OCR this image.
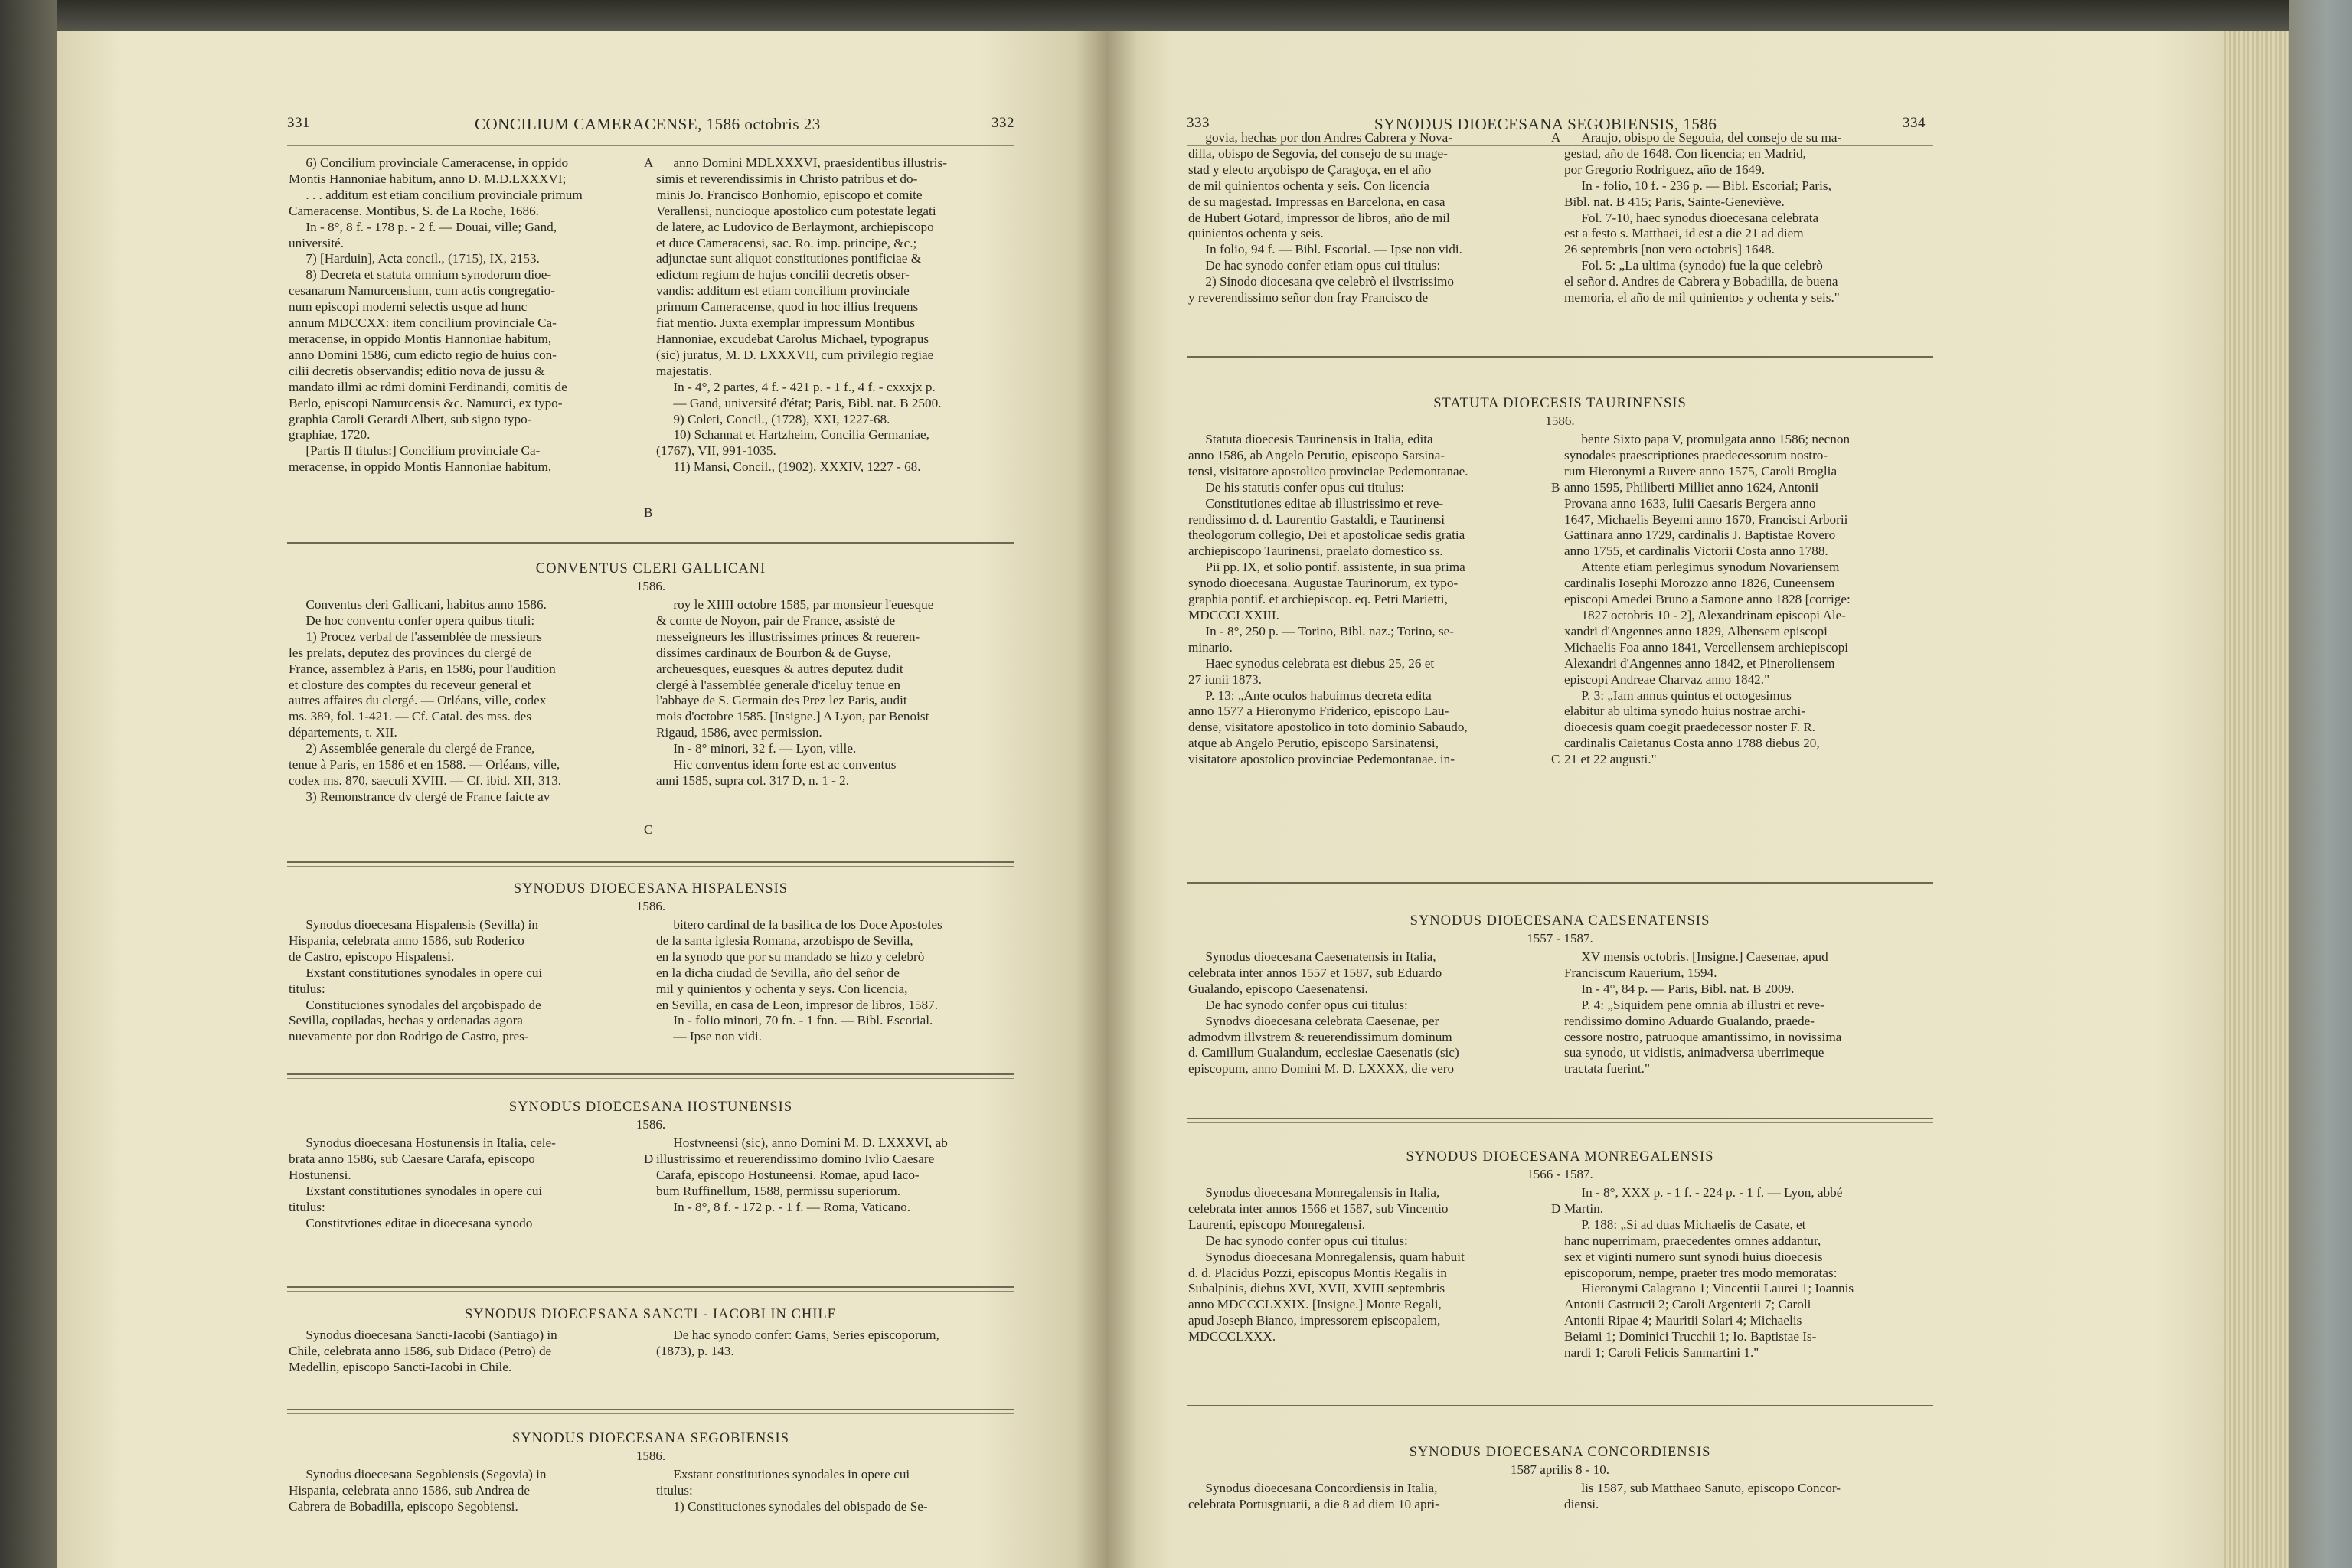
331	CONCILIUM CAMERACENSE, 1586 octobris 23	332

6) Concilium provinciale Cameracense, in oppido

Montis Hannoniae habitum, anno D. M.D.LXXXVI;

. . . additum est etiam concilium provinciale primum

Cameracense. Montibus, S. de La Roche, 1686.

In - 8°, 8 f. - 178 p. - 2 f. — Douai, ville; Gand,

université.

7) [Harduin], Acta concil., (1715), IX, 2153.

8) Decreta et statuta omnium synodorum dioe-

cesanarum Namurcensium, cum actis congregatio-

num episcopi moderni selectis usque ad hunc

annum MDCCXX: item concilium provinciale Ca-

meracense, in oppido Montis Hannoniae habitum,

anno Domini 1586, cum edicto regio de huius con-

cilii decretis observandis; editio nova de jussu &

mandato illmi ac rdmi domini Ferdinandi, comitis de

Berlo, episcopi Namurcensis &c. Namurci, ex typo-

graphia Caroli Gerardi Albert, sub signo typo-

graphiae, 1720.

[Partis II titulus:] Concilium provinciale Ca-

meracense, in oppido Montis Hannoniae habitum,

anno Domini MDLXXXVI, praesidentibus illustris-

simis et reverendissimis in Christo patribus et do-

minis Jo. Francisco Bonhomio, episcopo et comite

Verallensi, nuncioque apostolico cum potestate legati

de latere, ac Ludovico de Berlaymont, archiepiscopo

et duce Cameracensi, sac. Ro. imp. principe, &c.;

adjunctae sunt aliquot constitutiones pontificiae &

edictum regium de hujus concilii decretis obser-

vandis: additum est etiam concilium provinciale

primum Cameracense, quod in hoc illius frequens

fiat mentio. Juxta exemplar impressum Montibus

Hannoniae, excudebat Carolus Michael, typograpus

(sic) juratus, M. D. LXXXVII, cum privilegio regiae

majestatis.

In - 4°, 2 partes, 4 f. - 421 p. - 1 f., 4 f. - cxxxjx p.

— Gand, université d'état; Paris, Bibl. nat. B 2500.

9) Coleti, Concil., (1728), XXI, 1227-68.

10) Schannat et Hartzheim, Concilia Germaniae,

(1767), VII, 991-1035.

11) Mansi, Concil., (1902), XXXIV, 1227 - 68.

A
B
CONVENTUS CLERI GALLICANI
1586.

Conventus cleri Gallicani, habitus anno 1586.

De hoc conventu confer opera quibus tituli:

1) Procez verbal de l'assemblée de messieurs

les prelats, deputez des provinces du clergé de

France, assemblez à Paris, en 1586, pour l'audition

et closture des comptes du receveur general et

autres affaires du clergé. — Orléans, ville, codex

ms. 389, fol. 1-421. — Cf. Catal. des mss. des

départements, t. XII.

2) Assemblée generale du clergé de France,

tenue à Paris, en 1586 et en 1588. — Orléans, ville,

codex ms. 870, saeculi XVIII. — Cf. ibid. XII, 313.

3) Remonstrance dv clergé de France faicte av

roy le XIIII octobre 1585, par monsieur l'euesque

& comte de Noyon, pair de France, assisté de

messeigneurs les illustrissimes princes & reueren-

dissimes cardinaux de Bourbon & de Guyse,

archeuesques, euesques & autres deputez dudit

clergé à l'assemblée generale d'iceluy tenue en

l'abbaye de S. Germain des Prez lez Paris, audit

mois d'octobre 1585. [Insigne.] A Lyon, par Benoist

Rigaud, 1586, avec permission.

In - 8° minori, 32 f. — Lyon, ville.

Hic conventus idem forte est ac conventus

anni 1585, supra col. 317 D, n. 1 - 2.

C
SYNODUS DIOECESANA HISPALENSIS
1586.

Synodus dioecesana Hispalensis (Sevilla) in

Hispania, celebrata anno 1586, sub Roderico

de Castro, episcopo Hispalensi.

Exstant constitutiones synodales in opere cui

titulus:

Constituciones synodales del arçobispado de

Sevilla, copiladas, hechas y ordenadas agora

nuevamente por don Rodrigo de Castro, pres-

bitero cardinal de la basilica de los Doce Apostoles

de la santa iglesia Romana, arzobispo de Sevilla,

en la synodo que por su mandado se hizo y celebrò

en la dicha ciudad de Sevilla, año del señor de

mil y quinientos y ochenta y seys. Con licencia,

en Sevilla, en casa de Leon, impresor de libros, 1587.

In - folio minori, 70 fn. - 1 fnn. — Bibl. Escorial.

— Ipse non vidi.

SYNODUS DIOECESANA HOSTUNENSIS
1586.

Synodus dioecesana Hostunensis in Italia, cele-

brata anno 1586, sub Caesare Carafa, episcopo

Hostunensi.

Exstant constitutiones synodales in opere cui

titulus:

Constitvtiones editae in dioecesana synodo

Hostvneensi (sic), anno Domini M. D. LXXXVI, ab

illustrissimo et reuerendissimo domino Ivlio Caesare

Carafa, episcopo Hostuneensi. Romae, apud Iaco-

bum Ruffinellum, 1588, permissu superiorum.

In - 8°, 8 f. - 172 p. - 1 f. — Roma, Vaticano.

D
SYNODUS DIOECESANA SANCTI - IACOBI IN CHILE

Synodus dioecesana Sancti-Iacobi (Santiago) in

Chile, celebrata anno 1586, sub Didaco (Petro) de

Medellin, episcopo Sancti-Iacobi in Chile.

De hac synodo confer: Gams, Series episcoporum,

(1873), p. 143.

SYNODUS DIOECESANA SEGOBIENSIS
1586.

Synodus dioecesana Segobiensis (Segovia) in

Hispania, celebrata anno 1586, sub Andrea de

Cabrera de Bobadilla, episcopo Segobiensi.

Exstant constitutiones synodales in opere cui

titulus:

1) Constituciones synodales del obispado de Se-

333	SYNODUS DIOECESANA SEGOBIENSIS, 1586	334

govia, hechas por don Andres Cabrera y Nova-

dilla, obispo de Segovia, del consejo de su mage-

stad y electo arçobispo de Çaragoça, en el año

de mil quinientos ochenta y seis. Con licencia

de su magestad. Impressas en Barcelona, en casa

de Hubert Gotard, impressor de libros, año de mil

quinientos ochenta y seis.

In folio, 94 f. — Bibl. Escorial. — Ipse non vidi.

De hac synodo confer etiam opus cui titulus:

2) Sinodo diocesana qve celebrò el ilvstrissimo

y reverendissimo señor don fray Francisco de

Araujo, obispo de Segouia, del consejo de su ma-

gestad, año de 1648. Con licencia; en Madrid,

por Gregorio Rodriguez, año de 1649.

In - folio, 10 f. - 236 p. — Bibl. Escorial; Paris,

Bibl. nat. B 415; Paris, Sainte-Geneviève.

Fol. 7-10, haec synodus dioecesana celebrata

est a festo s. Matthaei, id est a die 21 ad diem

26 septembris [non vero octobris] 1648.

Fol. 5: „La ultima (synodo) fue la que celebrò

el señor d. Andres de Cabrera y Bobadilla, de buena

memoria, el año de mil quinientos y ochenta y seis."

A
STATUTA DIOECESIS TAURINENSIS
1586.

Statuta dioecesis Taurinensis in Italia, edita

anno 1586, ab Angelo Perutio, episcopo Sarsina-

tensi, visitatore apostolico provinciae Pedemontanae.

De his statutis confer opus cui titulus:

Constitutiones editae ab illustrissimo et reve-

rendissimo d. d. Laurentio Gastaldi, e Taurinensi

theologorum collegio, Dei et apostolicae sedis gratia

archiepiscopo Taurinensi, praelato domestico ss.

Pii pp. IX, et solio pontif. assistente, in sua prima

synodo dioecesana. Augustae Taurinorum, ex typo-

graphia pontif. et archiepiscop. eq. Petri Marietti,

MDCCCLXXIII.

In - 8°, 250 p. — Torino, Bibl. naz.; Torino, se-

minario.

Haec synodus celebrata est diebus 25, 26 et

27 iunii 1873.

P. 13: „Ante oculos habuimus decreta edita

anno 1577 a Hieronymo Friderico, episcopo Lau-

dense, visitatore apostolico in toto dominio Sabaudo,

atque ab Angelo Perutio, episcopo Sarsinatensi,

visitatore apostolico provinciae Pedemontanae. in-

bente Sixto papa V, promulgata anno 1586; necnon

synodales praescriptiones praedecessorum nostro-

rum Hieronymi a Ruvere anno 1575, Caroli Broglia

anno 1595, Philiberti Milliet anno 1624, Antonii

Provana anno 1633, Iulii Caesaris Bergera anno

1647, Michaelis Beyemi anno 1670, Francisci Arborii

Gattinara anno 1729, cardinalis J. Baptistae Rovero

anno 1755, et cardinalis Victorii Costa anno 1788.

Attente etiam perlegimus synodum Novariensem

cardinalis Iosephi Morozzo anno 1826, Cuneensem

episcopi Amedei Bruno a Samone anno 1828 [corrige:

1827 octobris 10 - 2], Alexandrinam episcopi Ale-

xandri d'Angennes anno 1829, Albensem episcopi

Michaelis Foa anno 1841, Vercellensem archiepiscopi

Alexandri d'Angennes anno 1842, et Pineroliensem

episcopi Andreae Charvaz anno 1842."

P. 3: „Iam annus quintus et octogesimus

elabitur ab ultima synodo huius nostrae archi-

dioecesis quam coegit praedecessor noster F. R.

cardinalis Caietanus Costa anno 1788 diebus 20,

21 et 22 augusti."

B
C
SYNODUS DIOECESANA CAESENATENSIS
1557 - 1587.

Synodus dioecesana Caesenatensis in Italia,

celebrata inter annos 1557 et 1587, sub Eduardo

Gualando, episcopo Caesenatensi.

De hac synodo confer opus cui titulus:

Synodvs dioecesana celebrata Caesenae, per

admodvm illvstrem & reuerendissimum dominum

d. Camillum Gualandum, ecclesiae Caesenatis (sic)

episcopum, anno Domini M. D. LXXXX, die vero

XV mensis octobris. [Insigne.] Caesenae, apud

Franciscum Rauerium, 1594.

In - 4°, 84 p. — Paris, Bibl. nat. B 2009.

P. 4: „Siquidem pene omnia ab illustri et reve-

rendissimo domino Aduardo Gualando, praede-

cessore nostro, patruoque amantissimo, in novissima

sua synodo, ut vidistis, animadversa uberrimeque

tractata fuerint."

SYNODUS DIOECESANA MONREGALENSIS
1566 - 1587.

Synodus dioecesana Monregalensis in Italia,

celebrata inter annos 1566 et 1587, sub Vincentio

Laurenti, episcopo Monregalensi.

De hac synodo confer opus cui titulus:

Synodus dioecesana Monregalensis, quam habuit

d. d. Placidus Pozzi, episcopus Montis Regalis in

Subalpinis, diebus XVI, XVII, XVIII septembris

anno MDCCCLXXIX. [Insigne.] Monte Regali,

apud Joseph Bianco, impressorem episcopalem,

MDCCCLXXX.

In - 8°, XXX p. - 1 f. - 224 p. - 1 f. — Lyon, abbé

Martin.

P. 188: „Si ad duas Michaelis de Casate, et

hanc nuperrimam, praecedentes omnes addantur,

sex et viginti numero sunt synodi huius dioecesis

episcoporum, nempe, praeter tres modo memoratas:

Hieronymi Calagrano 1; Vincentii Laurei 1; Ioannis

Antonii Castrucii 2; Caroli Argenterii 7; Caroli

Antonii Ripae 4; Mauritii Solari 4; Michaelis

Beiami 1; Dominici Trucchii 1; Io. Baptistae Is-

nardi 1; Caroli Felicis Sanmartini 1."

D
SYNODUS DIOECESANA CONCORDIENSIS
1587 aprilis 8 - 10.

Synodus dioecesana Concordiensis in Italia,

celebrata Portusgruarii, a die 8 ad diem 10 apri-

lis 1587, sub Matthaeo Sanuto, episcopo Concor-

diensi.
